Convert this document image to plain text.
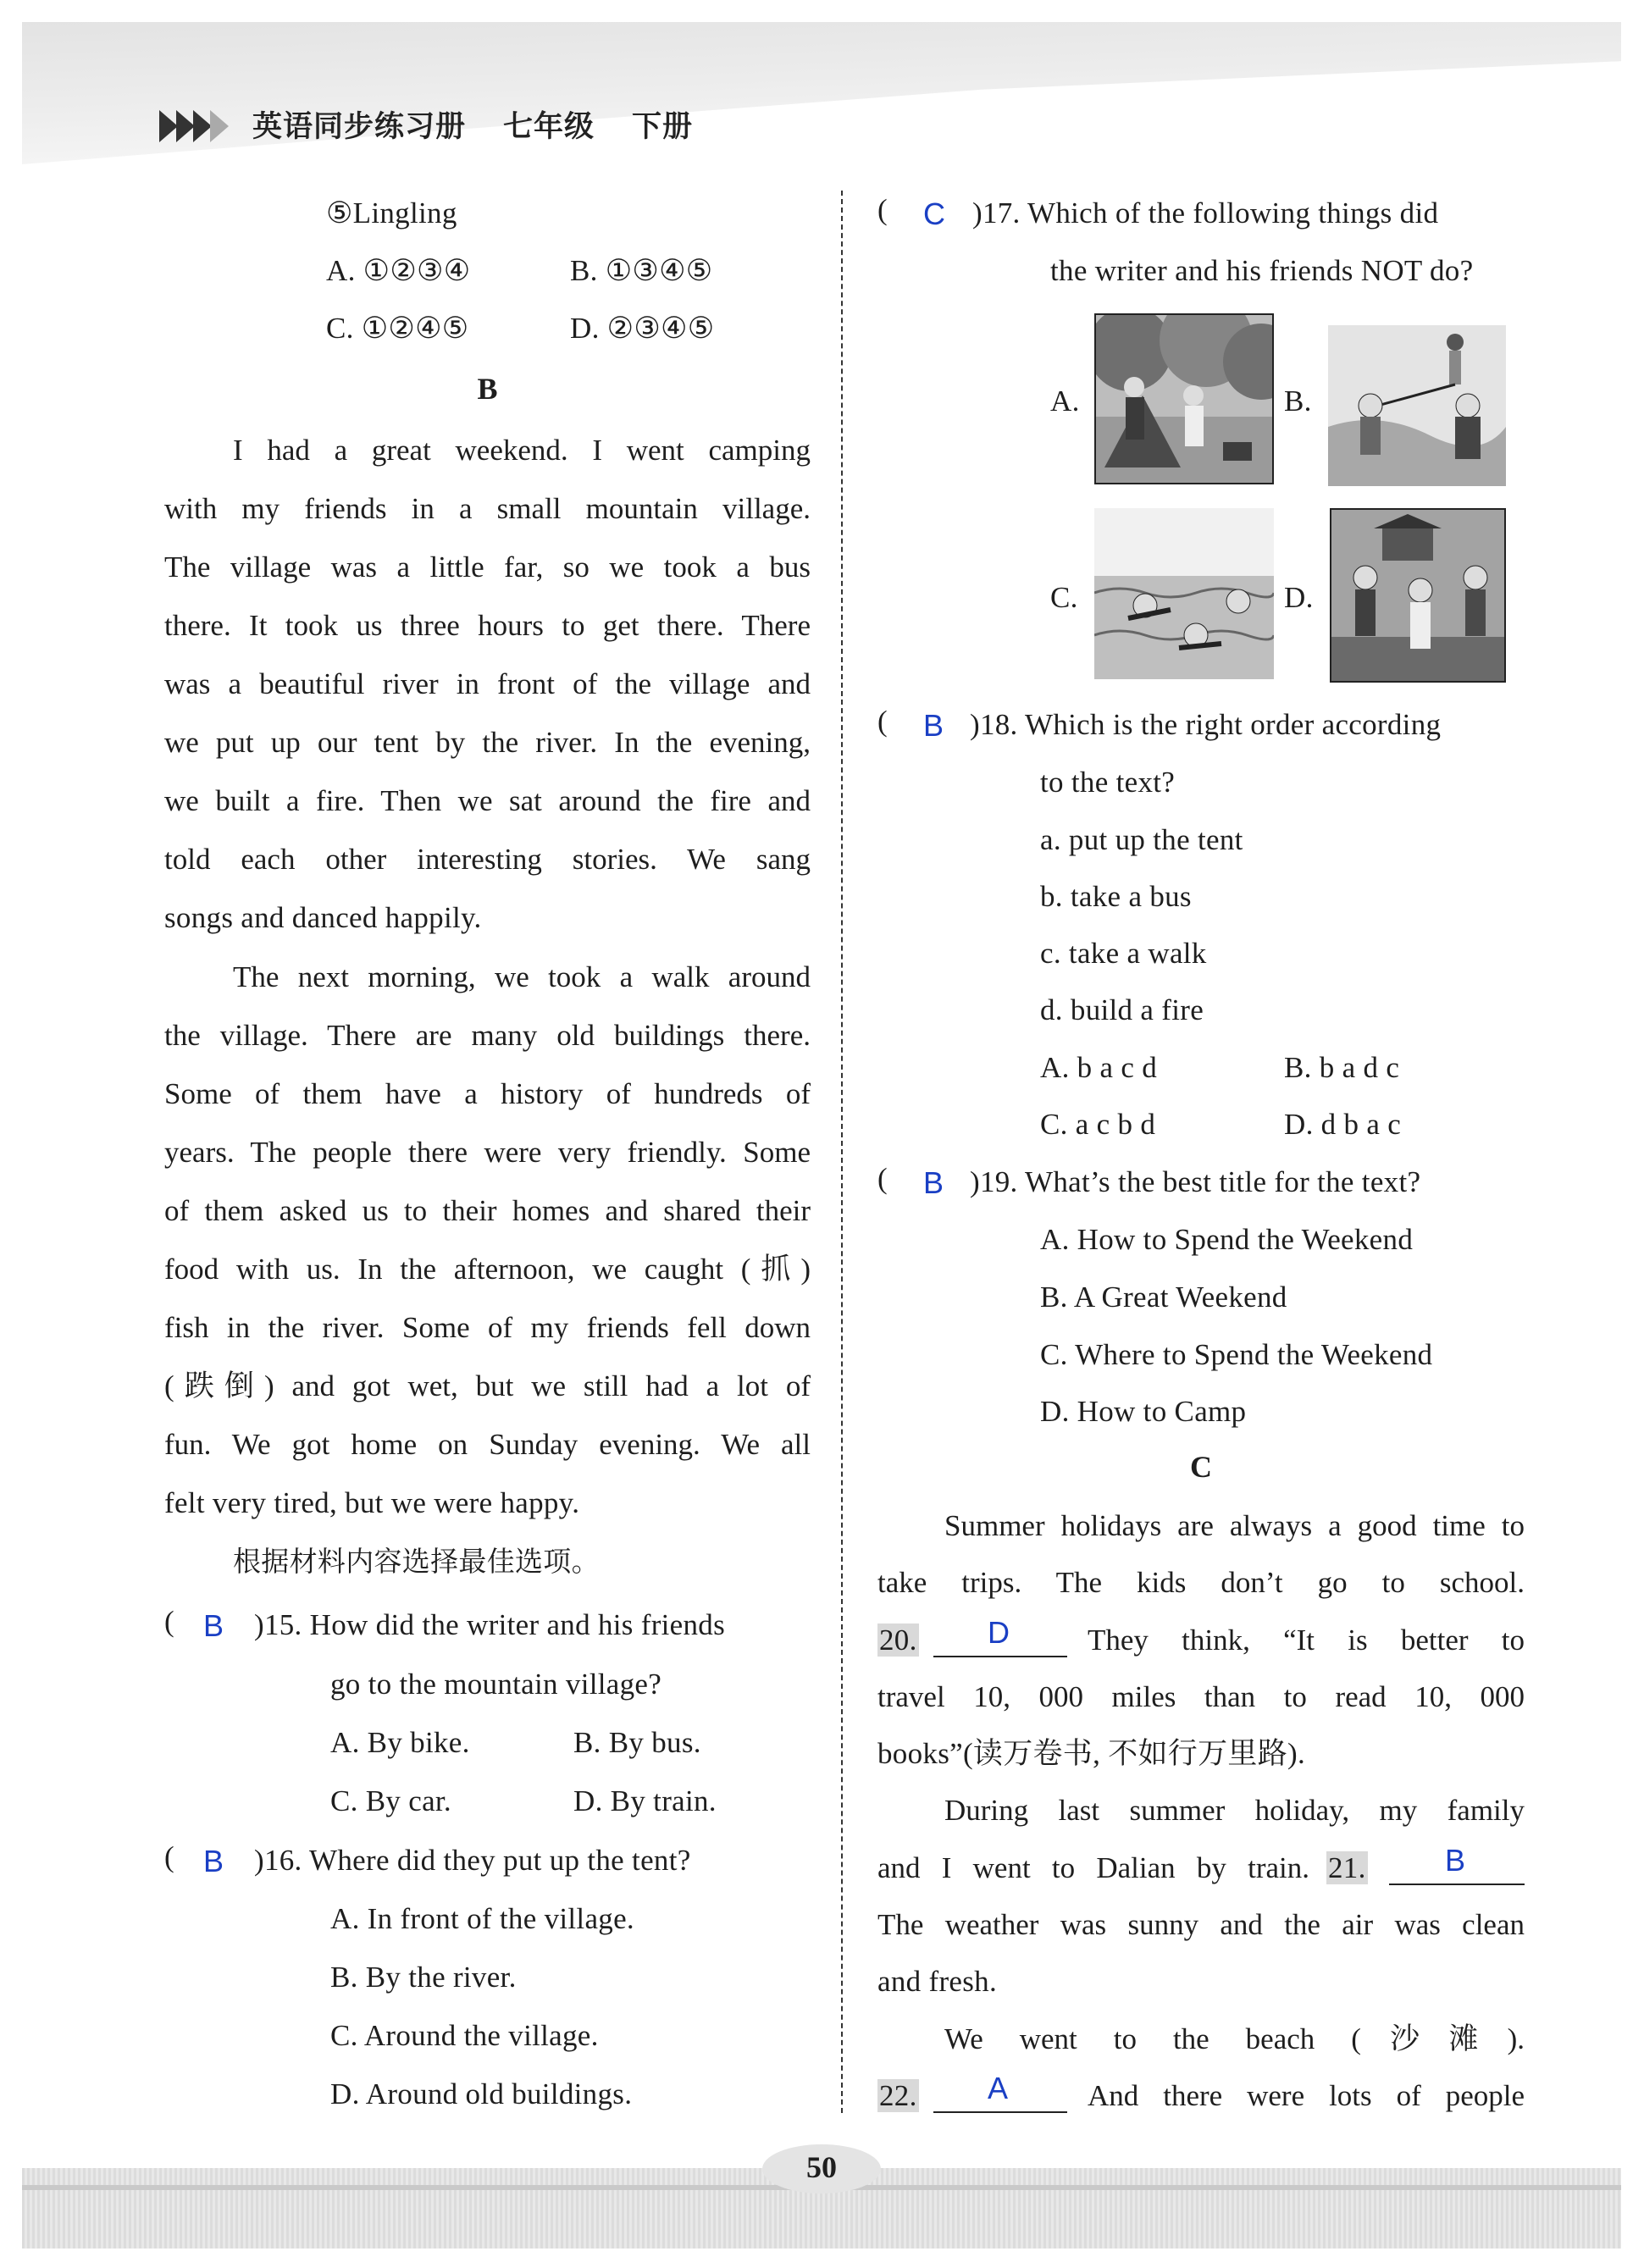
英语同步练习册 七年级 下册
⑤Lingling
A. ①②③④	B. ①③④⑤
C. ①②④⑤	D. ②③④⑤
B
I had a great weekend. I went camping
with my friends in a small mountain village.
The village was a little far, so we took a bus
there. It took us three hours to get there. There
was a beautiful river in front of the village and
we put up our tent by the river. In the evening,
we built a fire. Then we sat around the fire and
told each other interesting stories. We sang
songs and danced happily.
The next morning, we took a walk around
the village. There are many old buildings there.
Some of them have a history of hundreds of
years. The people there were very friendly. Some
of them asked us to their homes and shared their
food with us. In the afternoon, we caught (抓)
fish in the river. Some of my friends fell down
(跌倒) and got wet, but we still had a lot of
fun. We got home on Sunday evening. We all
felt very tired, but we were happy.
根据材料内容选择最佳选项。
( B )15. How did the writer and his friends
go to the mountain village?
A. By bike.	B. By bus.
C. By car.	D. By train.
( B )16. Where did they put up the tent?
A. In front of the village.
B. By the river.
C. Around the village.
D. Around old buildings.
( C )17. Which of the following things did
the writer and his friends NOT do?
A.	B.
C.	D.
( B )18. Which is the right order according
to the text?
a. put up the tent
b. take a bus
c. take a walk
d. build a fire
A. b a c d	B. b a d c
C. a c b d	D. d b a c
( B )19. What’s the best title for the text?
A. How to Spend the Weekend
B. A Great Weekend
C. Where to Spend the Weekend
D. How to Camp
C
Summer holidays are always a good time to
take trips. The kids don’t go to school.
20. D	They think, “It is better to
travel 10, 000 miles than to read 10, 000
books”(读万卷书, 不如行万里路).
During last summer holiday, my family
and I went to Dalian by train. 21.	B
The weather was sunny and the air was clean
and fresh.
We went to the beach (沙滩).
22. A	And there were lots of people
50
